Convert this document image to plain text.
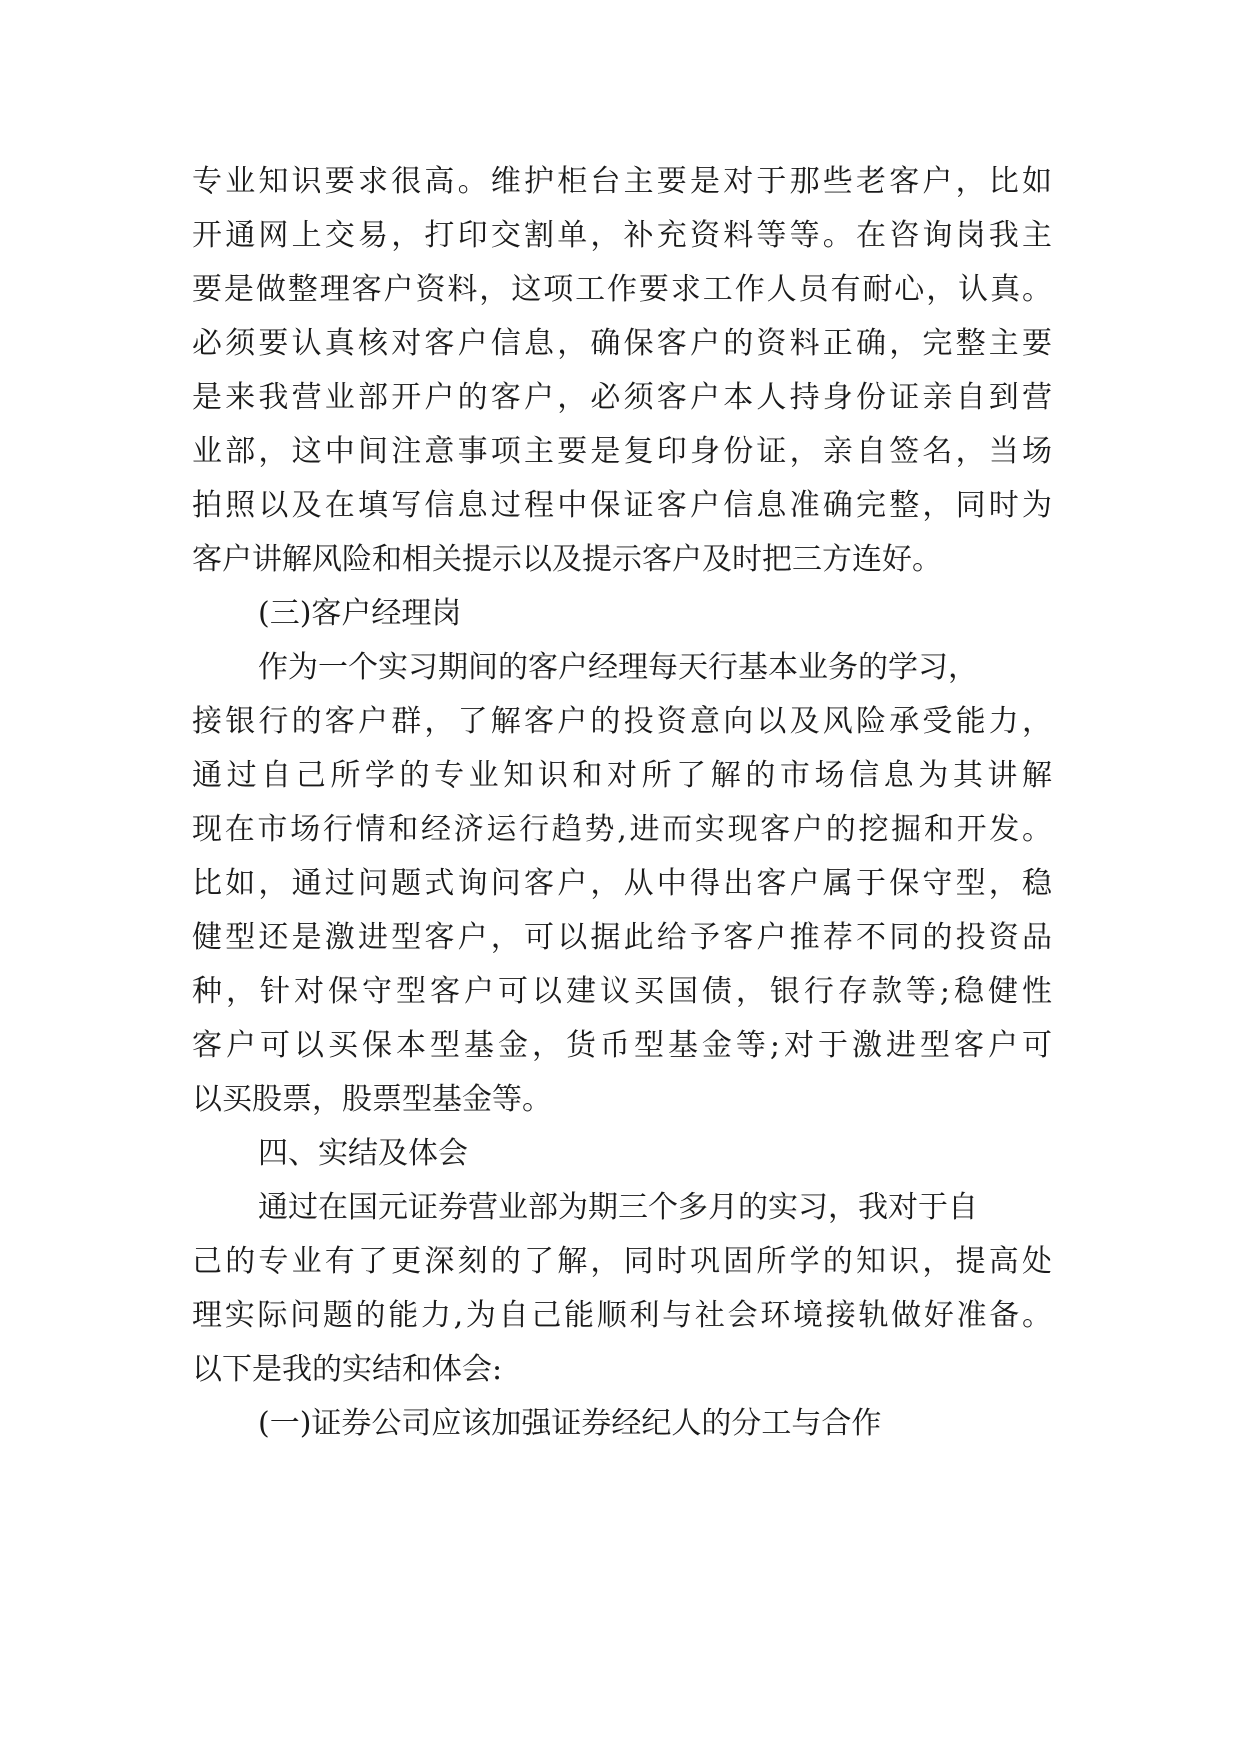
专业知识要求很高。维护柜台主要是对于那些老客户，比如
开通网上交易，打印交割单，补充资料等等。在咨询岗我主
要是做整理客户资料，这项工作要求工作人员有耐心，认真。
必须要认真核对客户信息，确保客户的资料正确，完整主要
是来我营业部开户的客户，必须客户本人持身份证亲自到营
业部，这中间注意事项主要是复印身份证，亲自签名，当场
拍照以及在填写信息过程中保证客户信息准确完整，同时为
客户讲解风险和相关提示以及提示客户及时把三方连好。
(三)客户经理岗
作为一个实习期间的客户经理每天行基本业务的学习，
接银行的客户群，了解客户的投资意向以及风险承受能力，
通过自己所学的专业知识和对所了解的市场信息为其讲解
现在市场行情和经济运行趋势,进而实现客户的挖掘和开发。
比如，通过问题式询问客户，从中得出客户属于保守型，稳
健型还是激进型客户，可以据此给予客户推荐不同的投资品
种，针对保守型客户可以建议买国债，银行存款等;稳健性
客户可以买保本型基金，货币型基金等;对于激进型客户可
以买股票，股票型基金等。
四、实结及体会
通过在国元证券营业部为期三个多月的实习，我对于自
己的专业有了更深刻的了解，同时巩固所学的知识，提高处
理实际问题的能力,为自己能顺利与社会环境接轨做好准备。
以下是我的实结和体会:
(一)证券公司应该加强证券经纪人的分工与合作
